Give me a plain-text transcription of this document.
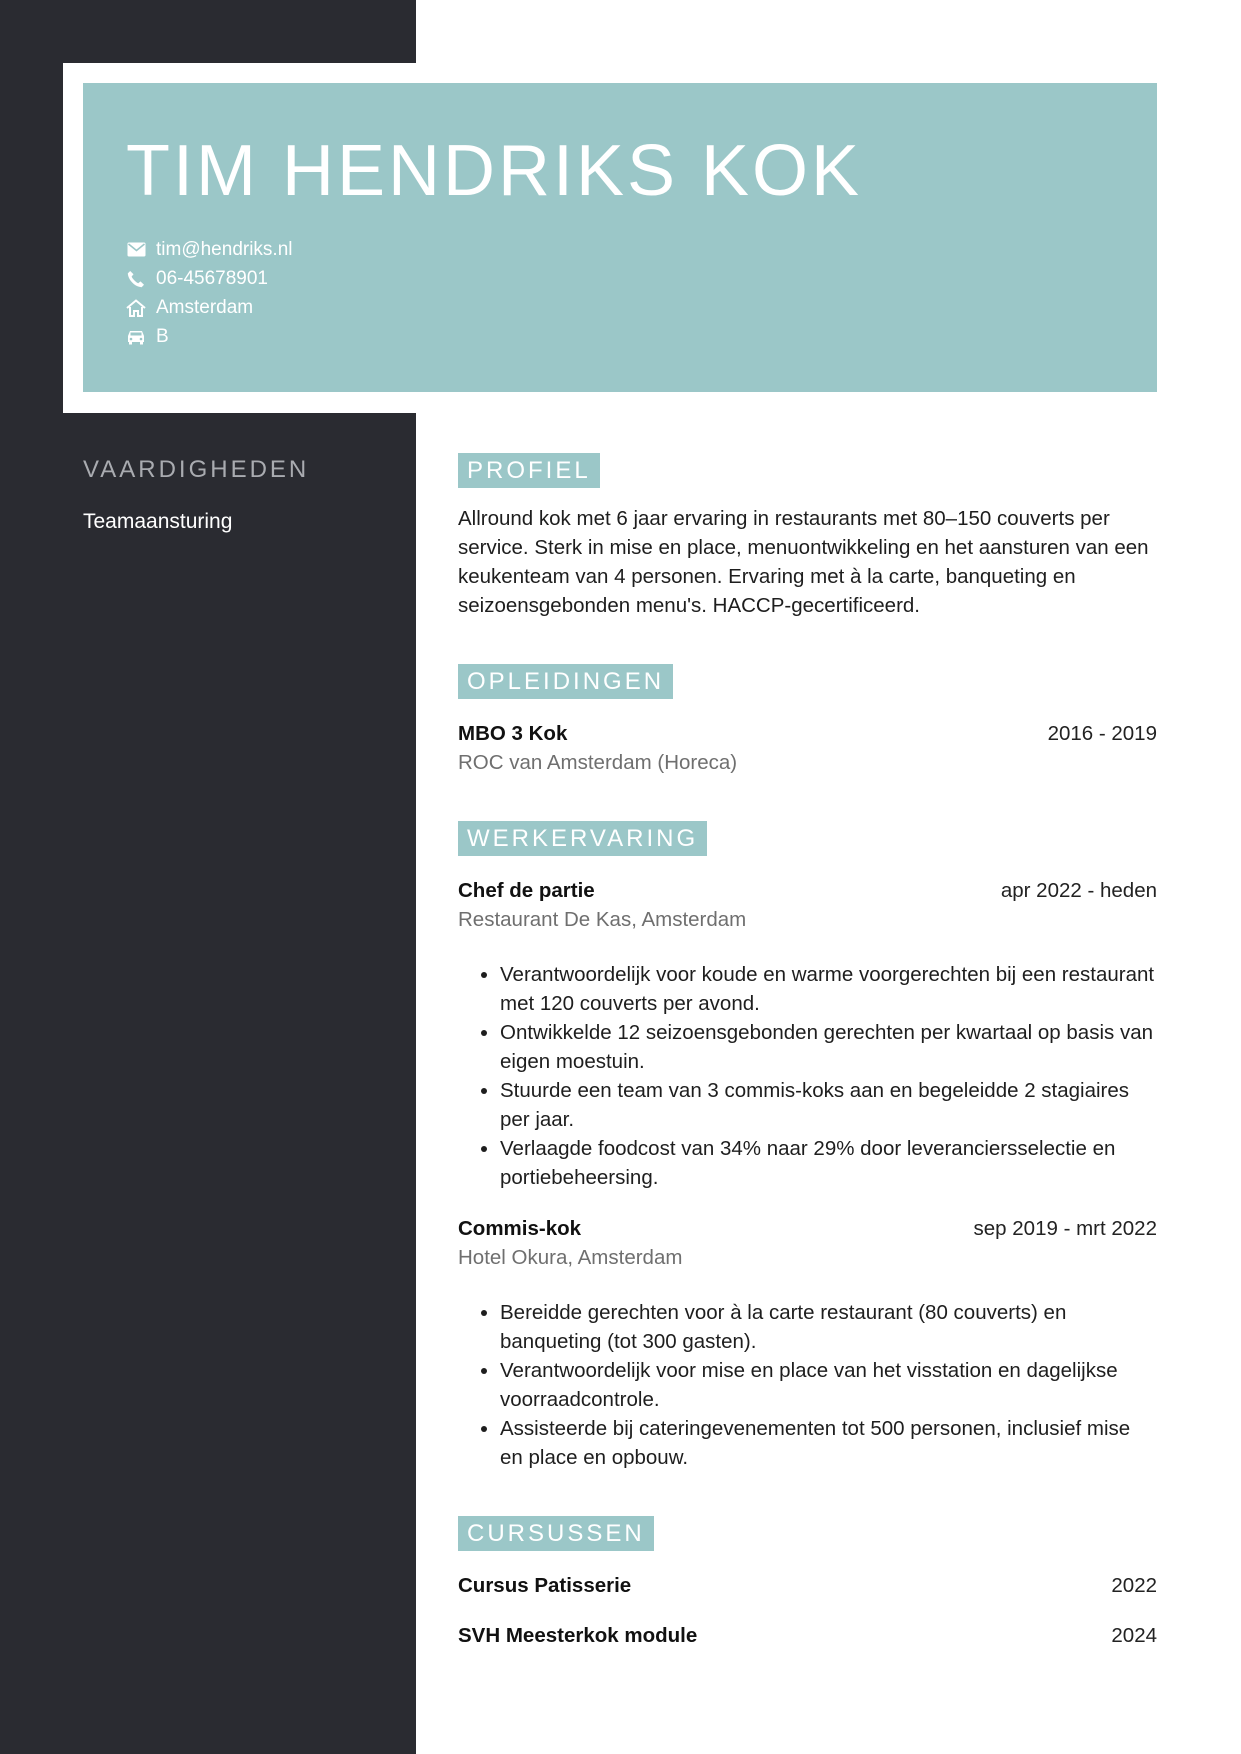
TIM HENDRIKS KOK
tim@hendriks.nl
06-45678901
Amsterdam
B
VAARDIGHEDEN
Teamaansturing
PROFIEL

Allround kok met 6 jaar ervaring in restaurants met 80–150 couverts per service. Sterk in mise en place, menuontwikkeling en het aansturen van een keukenteam van 4 personen. Ervaring met à la carte, banqueting en seizoensgebonden menu's. HACCP-gecertificeerd.

OPLEIDINGEN
MBO 3 Kok	2016 - 2019
ROC van Amsterdam (Horeca)
WERKERVARING
Chef de partie	apr 2022 - heden
Restaurant De Kas, Amsterdam
• Verantwoordelijk voor koude en warme voorgerechten bij een restaurant met 120 couverts per avond.
• Ontwikkelde 12 seizoensgebonden gerechten per kwartaal op basis van eigen moestuin.
• Stuurde een team van 3 commis-koks aan en begeleidde 2 stagiaires per jaar.
• Verlaagde foodcost van 34% naar 29% door leveranciersselectie en portiebeheersing.
Commis-kok	sep 2019 - mrt 2022
Hotel Okura, Amsterdam
• Bereidde gerechten voor à la carte restaurant (80 couverts) en banqueting (tot 300 gasten).
• Verantwoordelijk voor mise en place van het visstation en dagelijkse voorraadcontrole.
• Assisteerde bij cateringevenementen tot 500 personen, inclusief mise en place en opbouw.
CURSUSSEN
Cursus Patisserie	2022
SVH Meesterkok module	2024
